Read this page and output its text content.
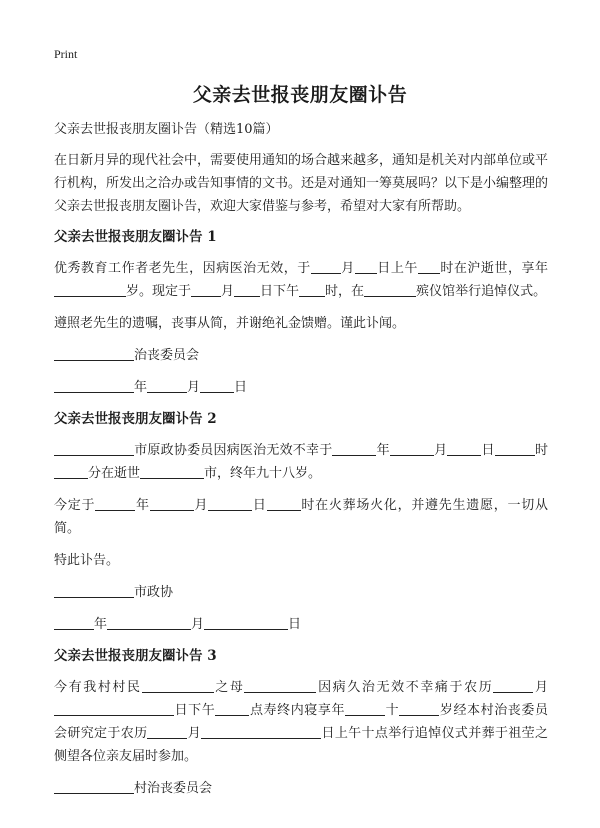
Print
父亲去世报丧朋友圈讣告

父亲去世报丧朋友圈讣告（精选10篇）

在日新月异的现代社会中，需要使用通知的场合越来越多，通知是机关对内部单位或平行机构，所发出之洽办或告知事情的文书。还是对通知一筹莫展吗？以下是小编整理的父亲去世报丧朋友圈讣告，欢迎大家借鉴与参考，希望对大家有所帮助。

父亲去世报丧朋友圈讣告 1

优秀教育工作者老先生，因病医治无效，于 月 日上午 时在沪逝世，享年岁。现定于 月 日下午 时，在	殡仪馆举行追悼仪式。

遵照老先生的遗嘱，丧事从简，并谢绝礼金馈赠。谨此讣闻。

治丧委员会

年	月	日

父亲去世报丧朋友圈讣告 2

市原政协委员因病医治无效不幸于	年	月	日	时分在逝世	市，终年九十八岁。

今定于	年	月	日	时在火葬场火化，并遵先生遗愿，一切从简。

特此讣告。

市政协

年	月	日

父亲去世报丧朋友圈讣告 3

今有我村村民	之母	因病久治无效不幸痛于农历	月日下午	点寿终内寝享年	十	岁经本村治丧委员会研究定于农历	月	日上午十点举行追悼仪式并葬于祖茔之侧望各位亲友届时参加。

村治丧委员会
